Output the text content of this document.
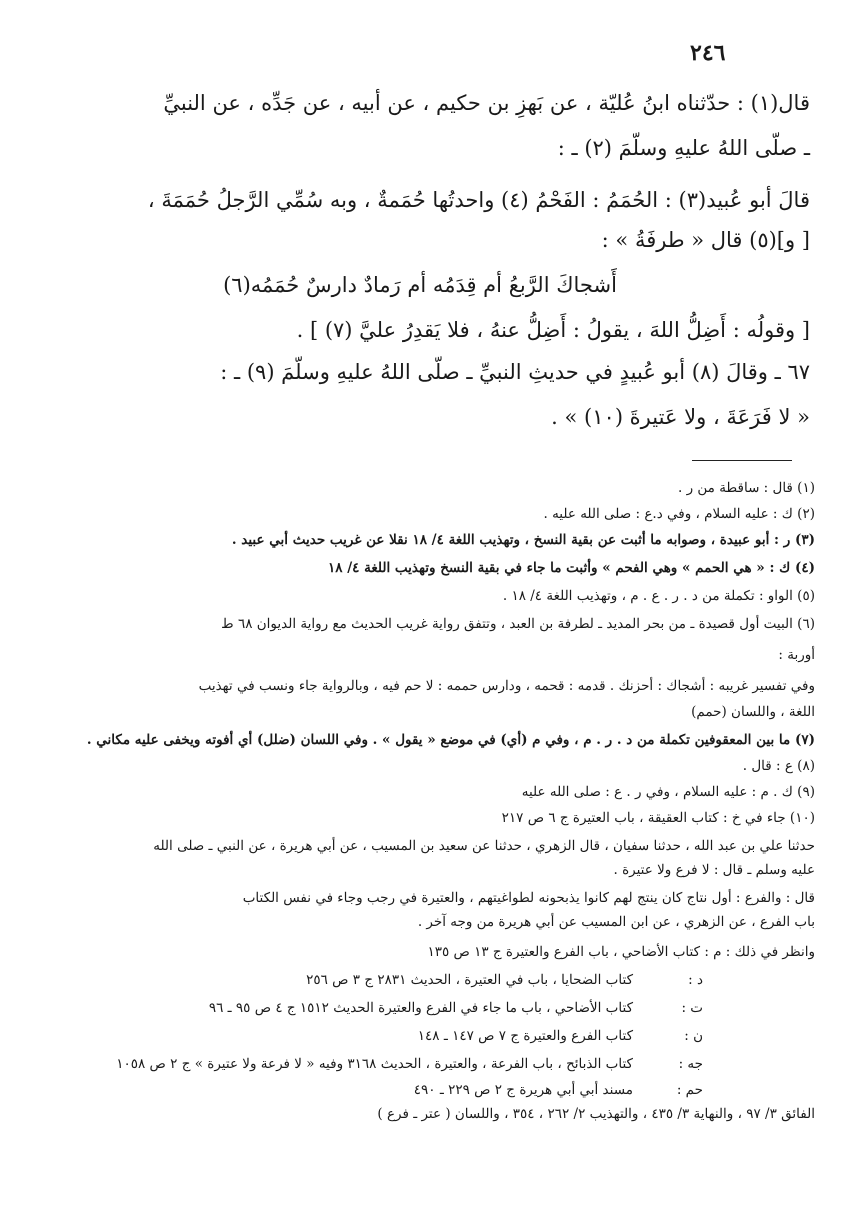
٢٤٦
قال(١) : حدّثناه ابنُ عُليّة ، عن بَهزِ بن حكيم ، عن أبيه ، عن جَدِّه ، عن النبيِّ
ـ صلّى اللهُ عليهِ وسلّمَ (٢) ـ :
قالَ أبو عُبيد(٣) : الحُمَمُ : الفَحْمُ (٤) واحدتُها حُمَمةٌ ، وبه سُمِّي الرَّجلُ حُمَمَةَ ،
[ و](٥) قال « طرفَةُ » :
أَشجاكَ الرَّبعُ أم قِدَمُه أم رَمادٌ دارسٌ حُمَمُه(٦)
[ وقولُه : أَضِلُّ اللهَ ، يقولُ : أَضِلُّ عنهُ ، فلا يَقدِرُ عليَّ (٧) ] .
٦٧ ـ وقالَ (٨) أبو عُبيدٍ في حديثِ النبيِّ ـ صلّى اللهُ عليهِ وسلّمَ (٩) ـ :
« لا فَرَعَةَ ، ولا عَتيرةَ (١٠) » .
(١) قال : ساقطة من ر .
(٢) ك : عليه السلام ، وفي د.ع : صلى الله عليه .
(٣) ر : أبو عبيدة ، وصوابه ما أثبت عن بقية النسخ ، وتهذيب اللغة ٤/ ١٨ نقلا عن غريب حديث أبي عبيد .
(٤) ك : « هي الحمم » وهي الفحم » وأثبت ما جاء في بقية النسخ وتهذيب اللغة ٤/ ١٨
(٥) الواو : تكملة من د . ر . ع . م ، وتهذيب اللغة ٤/ ١٨ .
(٦) البيت أول قصيدة ـ من بحر المديد ـ لطرفة بن العبد ، وتتفق رواية غريب الحديث مع رواية الديوان ٦٨ ط
أوربة :
وفي تفسير غريبه : أشجاك : أحزنك . قدمه : قحمه ، ودارس حممه : لا حم فيه ، وبالرواية جاء ونسب في تهذيب
اللغة ، واللسان (حمم)
(٧) ما بين المعقوفين تكملة من د . ر . م ، وفي م (أي) في موضع « يقول » . وفي اللسان (ضلل) أي أفوته ويخفى عليه مكاني .
(٨) ع : قال .
(٩) ك . م : عليه السلام ، وفي ر . ع : صلى الله عليه
(١٠) جاء في خ : كتاب العقيقة ، باب العتيرة ج ٦ ص ٢١٧
حدثنا علي بن عبد الله ، حدثنا سفيان ، قال الزهري ، حدثنا عن سعيد بن المسيب ، عن أبي هريرة ، عن النبي ـ صلى الله
عليه وسلم ـ قال : لا فرع ولا عتيرة .
قال : والفرع : أول نتاج كان ينتج لهم كانوا يذبحونه لطواغيتهم ، والعتيرة في رجب وجاء في نفس الكتاب
باب الفرع ، عن الزهري ، عن ابن المسيب عن أبي هريرة من وجه آخر .
وانظر في ذلك : م : كتاب الأضاحي ، باب الفرع والعتيرة ج ١٣ ص ١٣٥
د :
كتاب الضحايا ، باب في العتيرة ، الحديث ٢٨٣١ ج ٣ ص ٢٥٦
ت :
كتاب الأضاحي ، باب ما جاء في الفرع والعتيرة الحديث ١٥١٢ ج ٤ ص ٩٥ ـ ٩٦
ن :
كتاب الفرع والعتيرة ج ٧ ص ١٤٧ ـ ١٤٨
جه :
كتاب الذبائح ، باب الفرعة ، والعتيرة ، الحديث ٣١٦٨ وفيه « لا فرعة ولا عتيرة » ج ٢ ص ١٠٥٨
حم :
مسند أبي أبي هريرة ج ٢ ص ٢٢٩ ـ ٤٩٠
الفائق ٣/ ٩٧ ، والنهاية ٣/ ٤٣٥ ، والتهذيب ٢/ ٢٦٢ ، ٣٥٤ ، واللسان ( عتر ـ فرع )
